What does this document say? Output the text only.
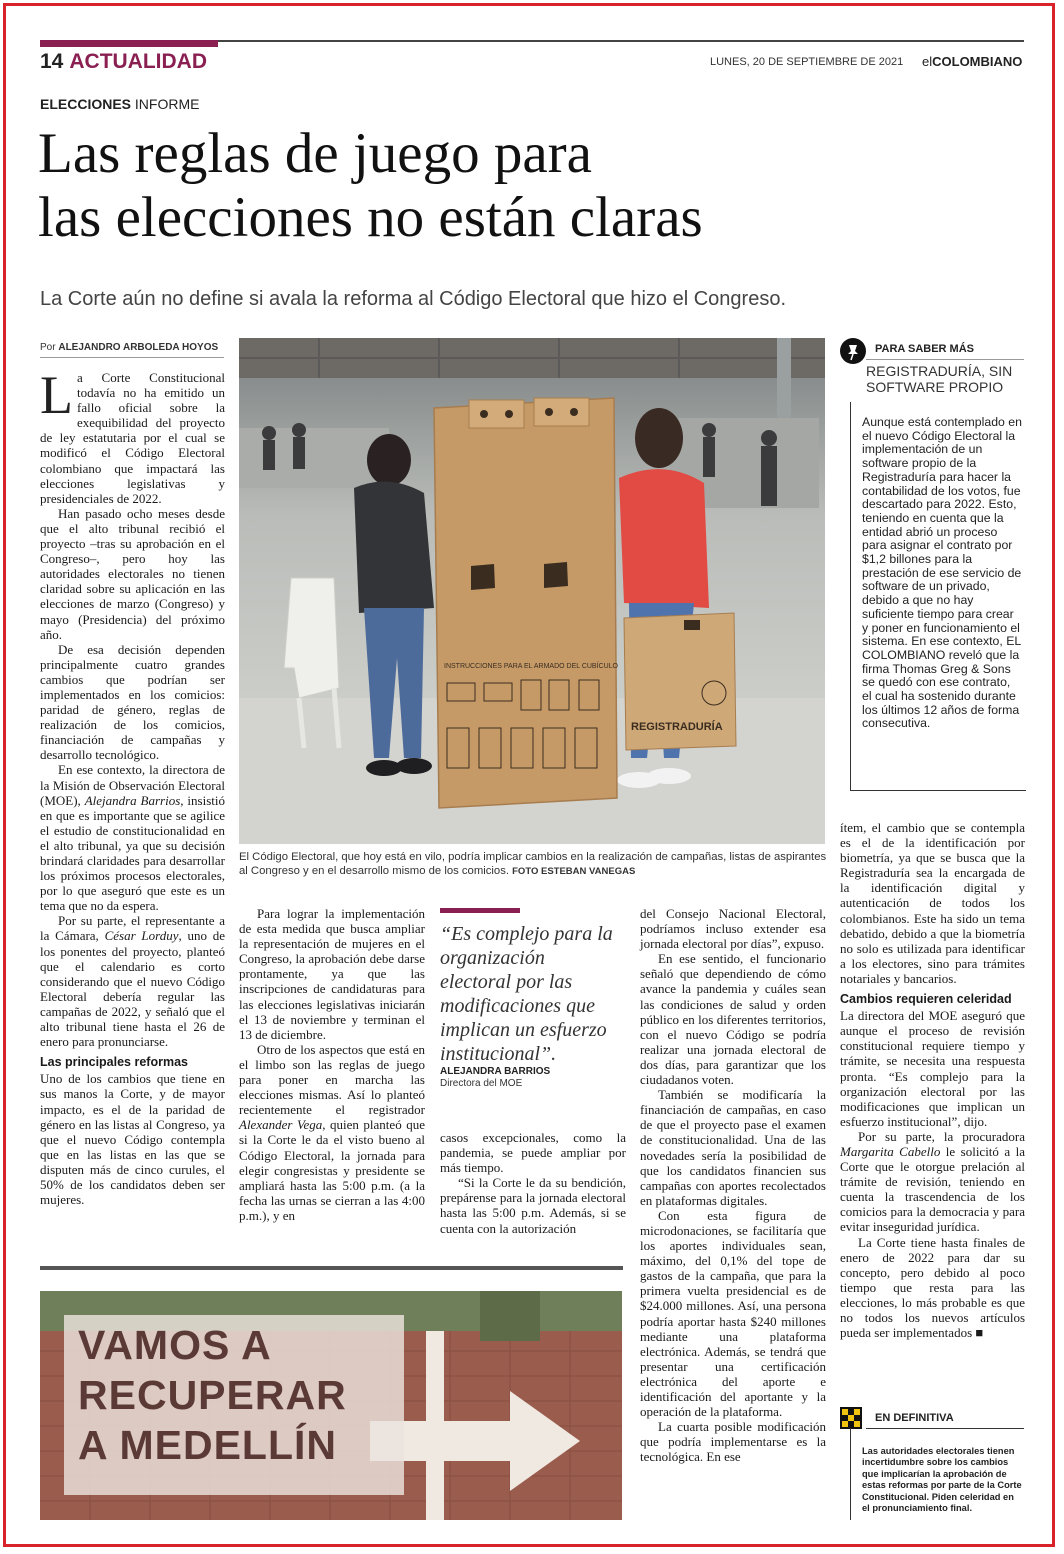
14 ACTUALIDAD	LUNES, 20 DE SEPTIEMBRE DE 2021 elCOLOMBIANO
ELECCIONES INFORME
Las reglas de juego para
las elecciones no están claras
La Corte aún no define si avala la reforma al Código Electoral que hizo el Congreso.
Por ALEJANDRO ARBOLEDA HOYOS

La Corte Constitucional todavía no ha emitido un fallo oficial sobre la exequibilidad del proyecto de ley estatutaria por el cual se modificó el Código Electoral colombiano que impactará las elecciones legislativas y presidenciales de 2022.

Han pasado ocho meses desde que el alto tribunal recibió el proyecto –tras su aprobación en el Congreso–, pero hoy las autoridades electorales no tienen claridad sobre su aplicación en las elecciones de marzo (Congreso) y mayo (Presidencia) del próximo año.

De esa decisión dependen principalmente cuatro grandes cambios que podrían ser implementados en los comicios: paridad de género, reglas de realización de los comicios, financiación de campañas y desarrollo tecnológico.

En ese contexto, la directora de la Misión de Observación Electoral (MOE), Alejandra Barrios, insistió en que es importante que se agilice el estudio de constitucionalidad en el alto tribunal, ya que su decisión brindará claridades para desarrollar los próximos procesos electorales, por lo que aseguró que este es un tema que no da espera.

Por su parte, el representante a la Cámara, César Lorduy, uno de los ponentes del proyecto, planteó que el calendario es corto considerando que el nuevo Código Electoral debería regular las campañas de 2022, y señaló que el alto tribunal tiene hasta el 26 de enero para pronunciarse.

Las principales reformas

Uno de los cambios que tiene en sus manos la Corte, y de mayor impacto, es el de la paridad de género en las listas al Congreso, ya que el nuevo Código contempla que en las listas en las que se disputen más de cinco curules, el 50% de los candidatos deben ser mujeres.

INSTRUCCIONES PARA EL ARMADO DEL CUBÍCULO
REGISTRADURÍA
El Código Electoral, que hoy está en vilo, podría implicar cambios en la realización de campañas, listas de aspirantes al Congreso y en el desarrollo mismo de los comicios. FOTO ESTEBAN VANEGAS

Para lograr la implementación de esta medida que busca ampliar la representación de mujeres en el Congreso, la aprobación debe darse prontamente, ya que las inscripciones de candidaturas para las elecciones legislativas iniciarán el 13 de noviembre y terminan el 13 de diciembre.

Otro de los aspectos que está en el limbo son las reglas de juego para poner en marcha las elecciones mismas. Así lo planteó recientemente el registrador Alexander Vega, quien planteó que si la Corte le da el visto bueno al Código Electoral, la jornada para elegir congresistas y presidente se ampliará hasta las 5:00 p.m. (a la fecha las urnas se cierran a las 4:00 p.m.), y en

“Es complejo para la organización electoral por las modificaciones que implican un esfuerzo institucional”.
ALEJANDRA BARRIOS
Directora del MOE

casos excepcionales, como la pandemia, se puede ampliar por más tiempo.

“Si la Corte le da su bendición, prepárense para la jornada electoral hasta las 5:00 p.m. Además, si se cuenta con la autorización

del Consejo Nacional Electoral, podríamos incluso extender esa jornada electoral por días”, expuso.

En ese sentido, el funcionario señaló que dependiendo de cómo avance la pandemia y cuáles sean las condiciones de salud y orden público en los diferentes territorios, con el nuevo Código se podría realizar una jornada electoral de dos días, para garantizar que los ciudadanos voten.

También se modificaría la financiación de campañas, en caso de que el proyecto pase el examen de constitucionalidad. Una de las novedades sería la posibilidad de que los candidatos financien sus campañas con aportes recolectados en plataformas digitales.

Con esta figura de microdonaciones, se facilitaría que los aportes individuales sean, máximo, del 0,1% del tope de gastos de la campaña, que para la primera vuelta presidencial es de $24.000 millones. Así, una persona podría aportar hasta $240 millones mediante una plataforma electrónica. Además, se tendrá que presentar una certificación electrónica del aporte e identificación del aportante y la operación de la plataforma.

La cuarta posible modificación que podría implementarse es la tecnológica. En ese

PARA SABER MÁS
REGISTRADURÍA, SIN SOFTWARE PROPIO
Aunque está contemplado en el nuevo Código Electoral la implementación de un software propio de la Registraduría para hacer la contabilidad de los votos, fue descartado para 2022. Esto, teniendo en cuenta que la entidad abrió un proceso para asignar el contrato por $1,2 billones para la prestación de ese servicio de software de un privado, debido a que no hay suficiente tiempo para crear y poner en funcionamiento el sistema. En ese contexto, EL COLOMBIANO reveló que la firma Thomas Greg & Sons se quedó con ese contrato, el cual ha sostenido durante los últimos 12 años de forma consecutiva.

ítem, el cambio que se contempla es el de la identificación por biometría, ya que se busca que la Registraduría sea la encargada de la identificación digital y autenticación de todos los colombianos. Este ha sido un tema debatido, debido a que la biometría no solo es utilizada para identificar a los electores, sino para trámites notariales y bancarios.

Cambios requieren celeridad

La directora del MOE aseguró que aunque el proceso de revisión constitucional requiere tiempo y trámite, se necesita una respuesta pronta. “Es complejo para la organización electoral por las modificaciones que implican un esfuerzo institucional”, dijo.

Por su parte, la procuradora Margarita Cabello le solicitó a la Corte que le otorgue prelación al trámite de revisión, teniendo en cuenta la trascendencia de los comicios para la democracia y para evitar inseguridad jurídica.

La Corte tiene hasta finales de enero de 2022 para dar su concepto, pero debido al poco tiempo que resta para las elecciones, lo más probable es que no todos los nuevos artículos pueda ser implementados ■

EN DEFINITIVA
Las autoridades electorales tienen incertidumbre sobre los cambios que implicarían la aprobación de estas reformas por parte de la Corte Constitucional. Piden celeridad en el pronunciamiento final.
VAMOS A
RECUPERAR
A MEDELLÍN
